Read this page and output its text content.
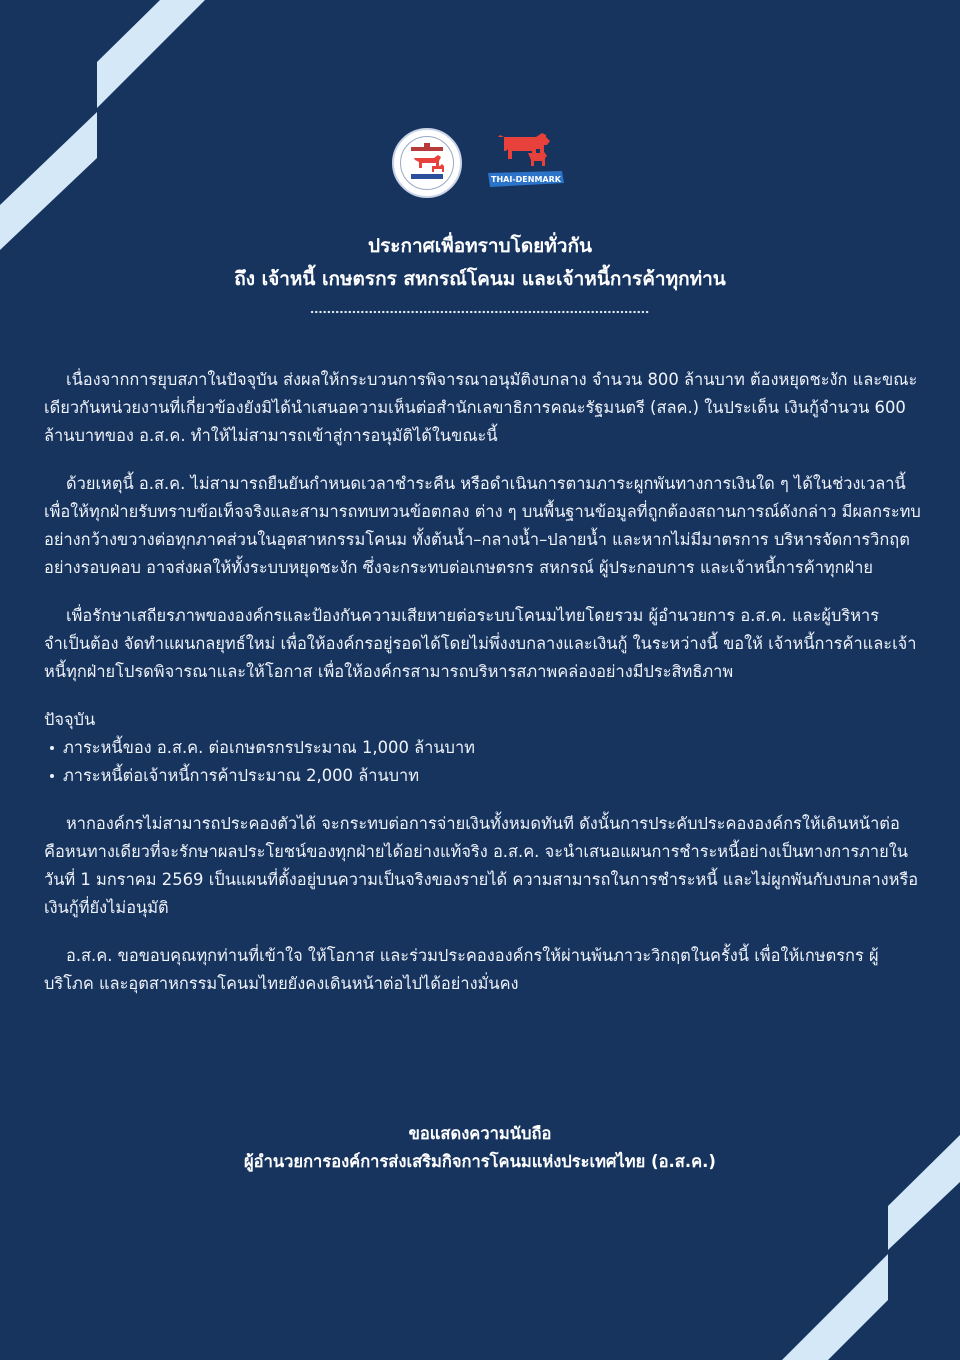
THAI-DENMARK
ประกาศเพื่อทราบโดยทั่วกัน
ถึง เจ้าหนี้ เกษตรกร สหกรณ์โคนม และเจ้าหนี้การค้าทุกท่าน

เนื่องจากการยุบสภาในปัจจุบัน ส่งผลให้กระบวนการพิจารณาอนุมัติงบกลาง จำนวน 800 ล้านบาท ต้องหยุดชะงัก และขณะเดียวกันหน่วยงานที่เกี่ยวข้องยังมิได้นำเสนอความเห็นต่อสำนักเลขาธิการคณะรัฐมนตรี (สลค.) ในประเด็น เงินกู้จำนวน 600 ล้านบาทของ อ.ส.ค. ทำให้ไม่สามารถเข้าสู่การอนุมัติได้ในขณะนี้

ด้วยเหตุนี้ อ.ส.ค. ไม่สามารถยืนยันกำหนดเวลาชำระคืน หรือดำเนินการตามภาระผูกพันทางการเงินใด ๆ ได้ในช่วงเวลานี้ เพื่อให้ทุกฝ่ายรับทราบข้อเท็จจริงและสามารถทบทวนข้อตกลง ต่าง ๆ บนพื้นฐานข้อมูลที่ถูกต้องสถานการณ์ดังกล่าว มีผลกระทบอย่างกว้างขวางต่อทุกภาคส่วนในอุตสาหกรรมโคนม ทั้งต้นน้ำ–กลางน้ำ–ปลายน้ำ และหากไม่มีมาตรการ บริหารจัดการวิกฤตอย่างรอบคอบ อาจส่งผลให้ทั้งระบบหยุดชะงัก ซึ่งจะกระทบต่อเกษตรกร สหกรณ์ ผู้ประกอบการ และเจ้าหนี้การค้าทุกฝ่าย

เพื่อรักษาเสถียรภาพขององค์กรและป้องกันความเสียหายต่อระบบโคนมไทยโดยรวม ผู้อำนวยการ อ.ส.ค. และผู้บริหารจำเป็นต้อง จัดทำแผนกลยุทธ์ใหม่ เพื่อให้องค์กรอยู่รอดได้โดยไม่พึ่งงบกลางและเงินกู้ ในระหว่างนี้ ขอให้ เจ้าหนี้การค้าและเจ้าหนี้ทุกฝ่ายโปรดพิจารณาและให้โอกาส เพื่อให้องค์กรสามารถบริหารสภาพคล่องอย่างมีประสิทธิภาพ

ปัจจุบัน

ภาระหนี้ของ อ.ส.ค. ต่อเกษตรกรประมาณ 1,000 ล้านบาท
ภาระหนี้ต่อเจ้าหนี้การค้าประมาณ 2,000 ล้านบาท

หากองค์กรไม่สามารถประคองตัวได้ จะกระทบต่อการจ่ายเงินทั้งหมดทันที ดังนั้นการประคับประคององค์กรให้เดินหน้าต่อ คือหนทางเดียวที่จะรักษาผลประโยชน์ของทุกฝ่ายได้อย่างแท้จริง อ.ส.ค. จะนำเสนอแผนการชำระหนี้อย่างเป็นทางการภายในวันที่ 1 มกราคม 2569 เป็นแผนที่ตั้งอยู่บนความเป็นจริงของรายได้ ความสามารถในการชำระหนี้ และไม่ผูกพันกับงบกลางหรือเงินกู้ที่ยังไม่อนุมัติ

อ.ส.ค. ขอขอบคุณทุกท่านที่เข้าใจ ให้โอกาส และร่วมประคององค์กรให้ผ่านพ้นภาวะวิกฤตในครั้งนี้ เพื่อให้เกษตรกร ผู้บริโภค และอุตสาหกรรมโคนมไทยยังคงเดินหน้าต่อไปได้อย่างมั่นคง

ขอแสดงความนับถือ
ผู้อำนวยการองค์การส่งเสริมกิจการโคนมแห่งประเทศไทย (อ.ส.ค.)
